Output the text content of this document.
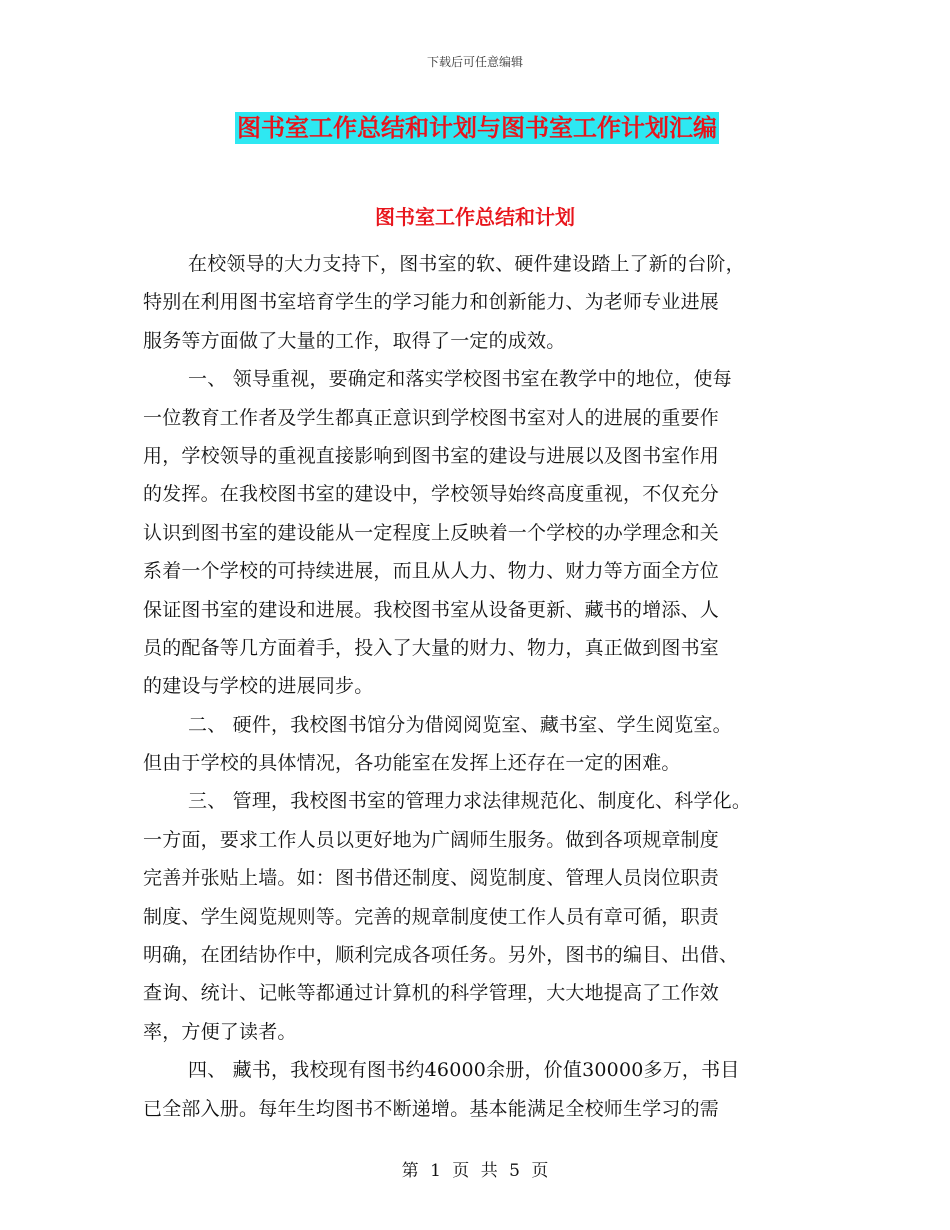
下载后可任意编辑
图书室工作总结和计划与图书室工作计划汇编
图书室工作总结和计划
在校领导的大力支持下，图书室的软、硬件建设踏上了新的台阶，
特别在利用图书室培育学生的学习能力和创新能力、为老师专业进展
服务等方面做了大量的工作，取得了一定的成效。
一、 领导重视，要确定和落实学校图书室在教学中的地位，使每
一位教育工作者及学生都真正意识到学校图书室对人的进展的重要作
用，学校领导的重视直接影响到图书室的建设与进展以及图书室作用
的发挥。在我校图书室的建设中，学校领导始终高度重视，不仅充分
认识到图书室的建设能从一定程度上反映着一个学校的办学理念和关
系着一个学校的可持续进展，而且从人力、物力、财力等方面全方位
保证图书室的建设和进展。我校图书室从设备更新、藏书的增添、人
员的配备等几方面着手，投入了大量的财力、物力，真正做到图书室
的建设与学校的进展同步。
二、 硬件，我校图书馆分为借阅阅览室、藏书室、学生阅览室。
但由于学校的具体情况，各功能室在发挥上还存在一定的困难。
三、 管理，我校图书室的管理力求法律规范化、制度化、科学化。
一方面，要求工作人员以更好地为广阔师生服务。做到各项规章制度
完善并张贴上墙。如：图书借还制度、阅览制度、管理人员岗位职责
制度、学生阅览规则等。完善的规章制度使工作人员有章可循，职责
明确，在团结协作中，顺利完成各项任务。另外，图书的编目、出借、
查询、统计、记帐等都通过计算机的科学管理，大大地提高了工作效
率，方便了读者。
四、 藏书，我校现有图书约46000余册，价值30000多万，书目
已全部入册。每年生均图书不断递增。基本能满足全校师生学习的需
第 1 页 共 5 页
